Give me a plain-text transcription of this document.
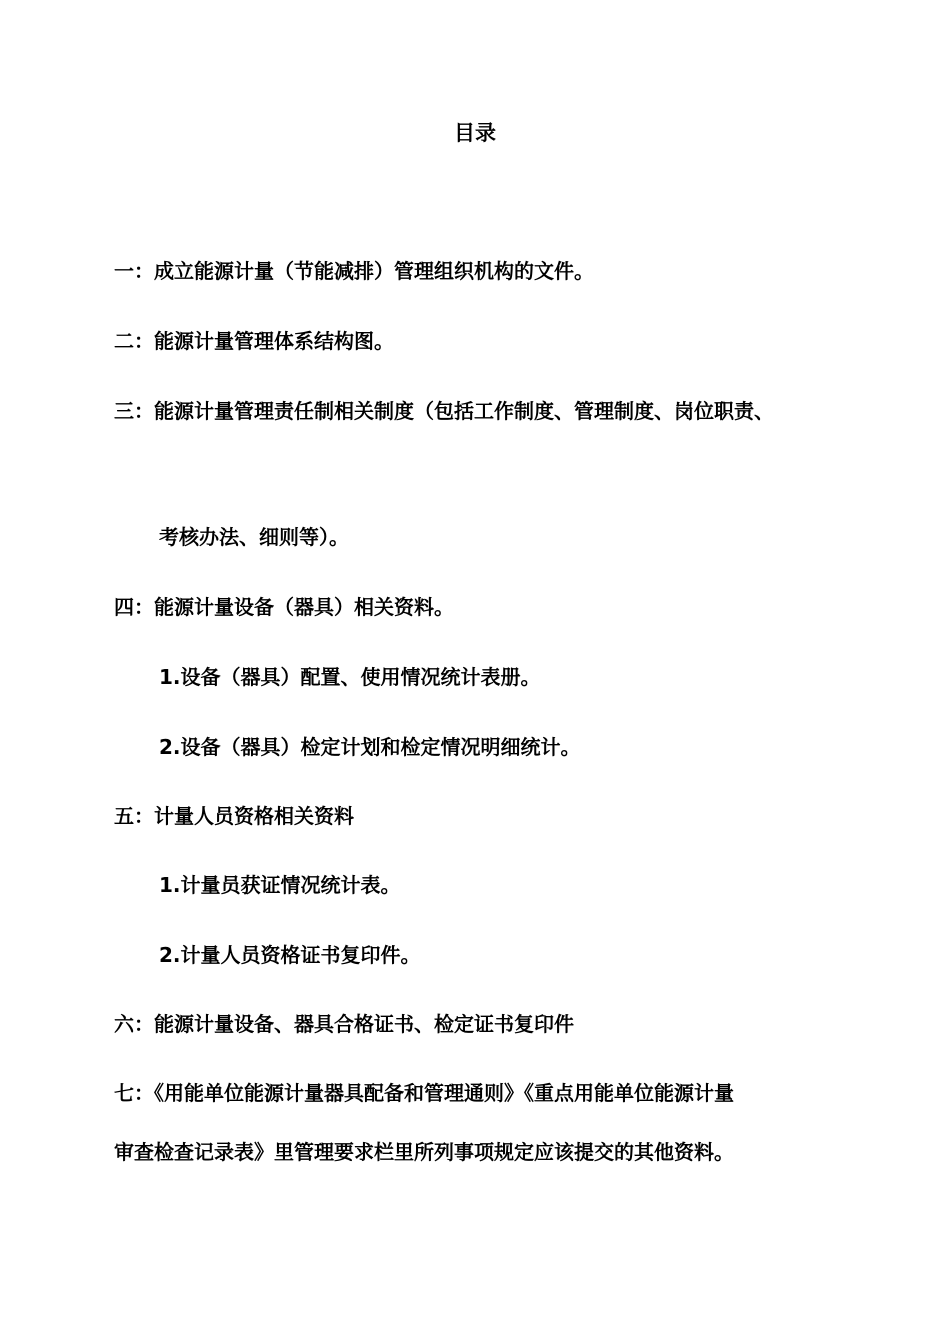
目录
一：成立能源计量（节能减排）管理组织机构的文件。
二：能源计量管理体系结构图。
三：能源计量管理责任制相关制度（包括工作制度、管理制度、岗位职责、
考核办法、细则等）。
四：能源计量设备（器具）相关资料。
1.设备（器具）配置、使用情况统计表册。
2.设备（器具）检定计划和检定情况明细统计。
五：计量人员资格相关资料
1.计量员获证情况统计表。
2.计量人员资格证书复印件。
六：能源计量设备、器具合格证书、检定证书复印件
七：《用能单位能源计量器具配备和管理通则》《重点用能单位能源计量
审查检查记录表》里管理要求栏里所列事项规定应该提交的其他资料。
